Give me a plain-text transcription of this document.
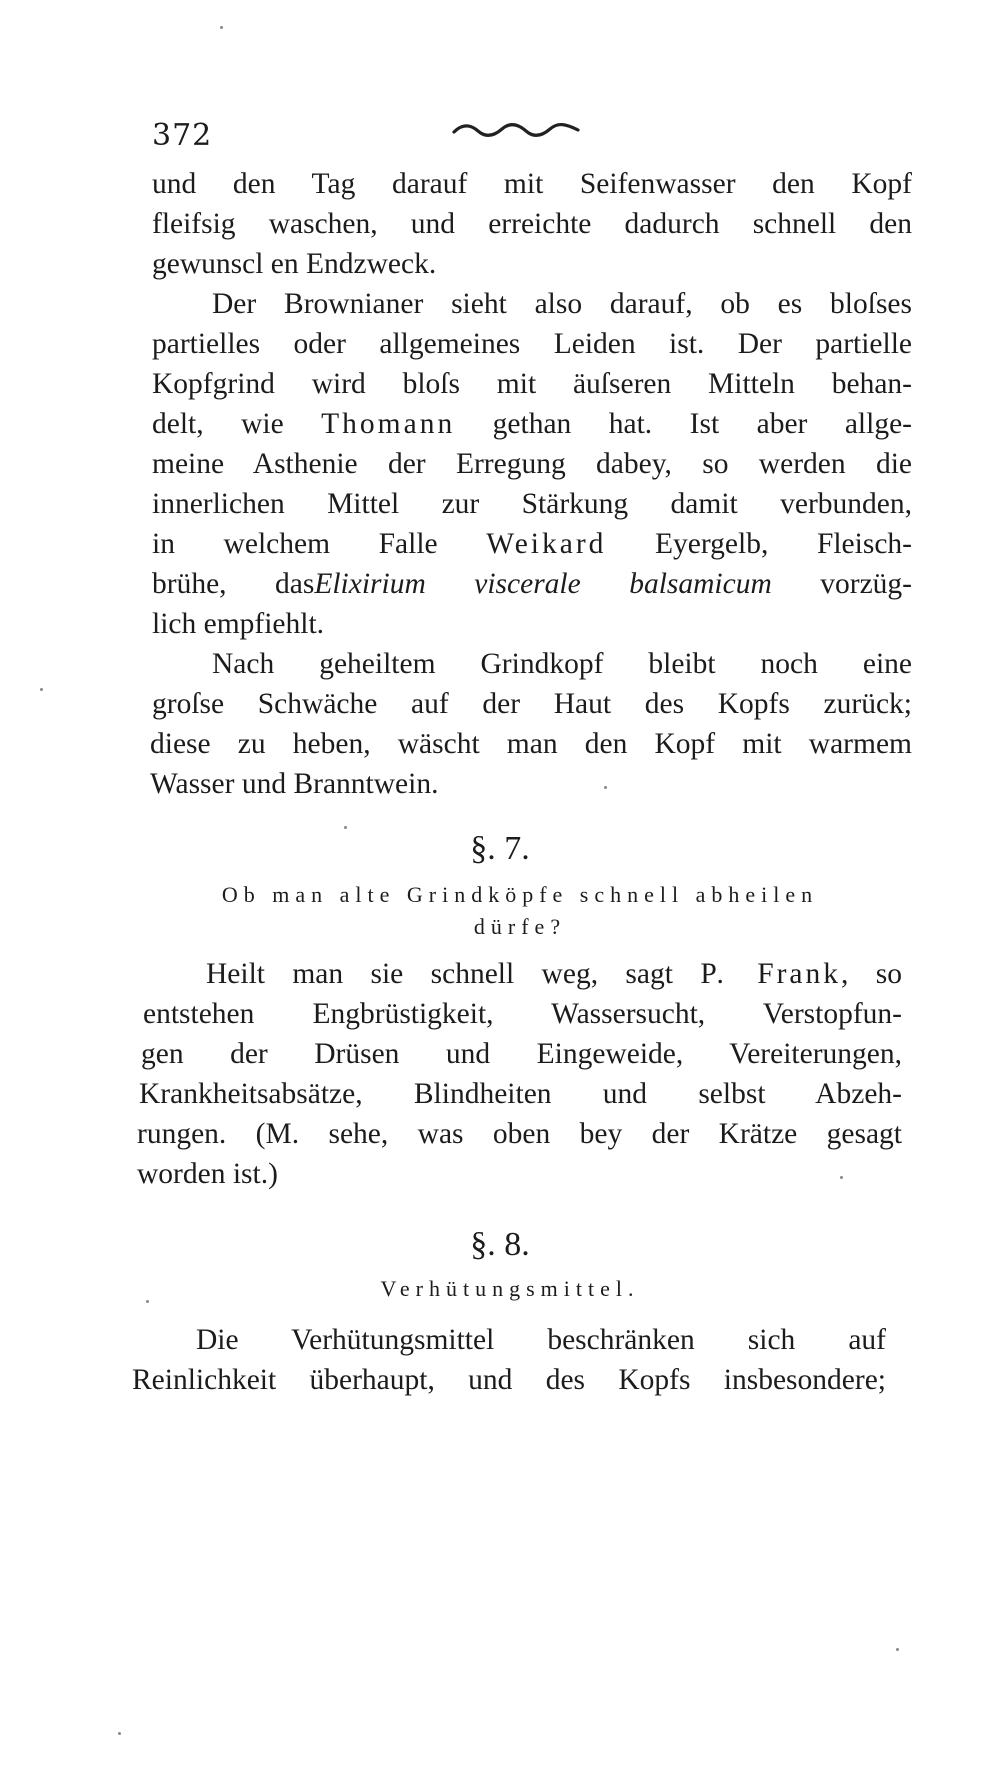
372
und den Tag darauf mit Seifenwasser den Kopf
fleifsig waschen, und erreichte dadurch schnell den
gewunscl en Endzweck.
Der Brownianer sieht also darauf, ob es bloſses
partielles oder allgemeines Leiden ist. Der partielle
Kopfgrind wird bloſs mit äuſseren Mitteln behan-
delt, wie Thomann gethan hat. Ist aber allge-
meine Asthenie der Erregung dabey, so werden die
innerlichen Mittel zur Stärkung damit verbunden,
in welchem Falle Weikard Eyergelb, Fleisch-
brühe, dasElixirium viscerale balsamicum vorzüg-
lich empfiehlt.
Nach geheiltem Grindkopf bleibt noch eine
groſse Schwäche auf der Haut des Kopfs zurück;
diese zu heben, wäscht man den Kopf mit warmem
Wasser und Branntwein.
§. 7.
Ob man alte Grindköpfe schnell abheilen
dürfe?
Heilt man sie schnell weg, sagt P. Frank, so
entstehen Engbrüstigkeit, Wassersucht, Verstopfun-
gen der Drüsen und Eingeweide, Vereiterungen,
Krankheitsabsätze, Blindheiten und selbst Abzeh-
rungen. (M. sehe, was oben bey der Krätze gesagt
worden ist.)
§. 8.
Verhütungsmittel.
Die Verhütungsmittel beschränken sich auf
Reinlichkeit überhaupt, und des Kopfs insbesondere;
